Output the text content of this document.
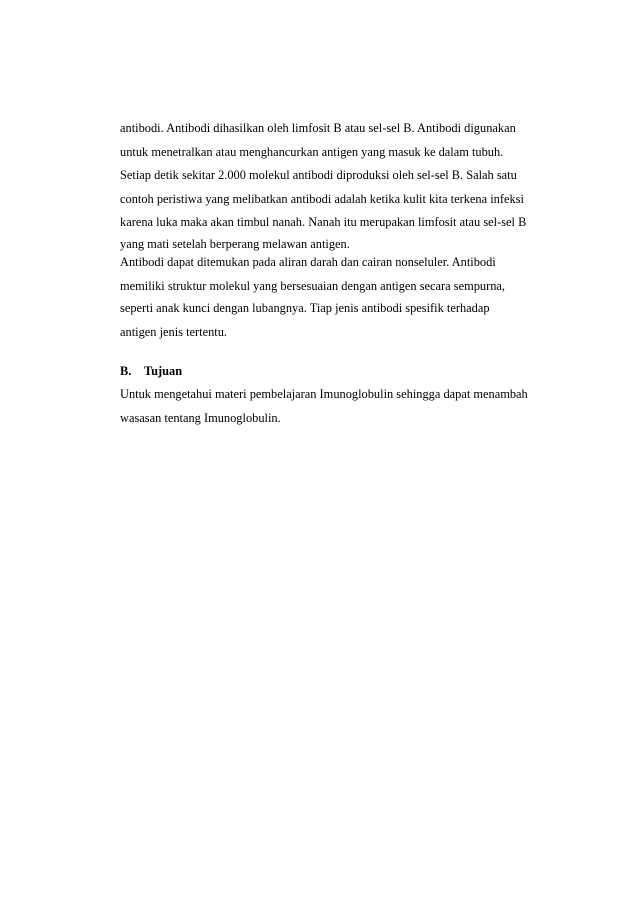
antibodi. Antibodi dihasilkan oleh limfosit B atau sel-sel B. Antibodi digunakan
untuk menetralkan atau menghancurkan antigen yang masuk ke dalam tubuh.
Setiap detik sekitar 2.000 molekul antibodi diproduksi oleh sel-sel B. Salah satu
contoh peristiwa yang melibatkan antibodi adalah ketika kulit kita terkena infeksi
karena luka maka akan timbul nanah. Nanah itu merupakan limfosit atau sel-sel B
yang mati setelah berperang melawan antigen.
Antibodi dapat ditemukan pada aliran darah dan cairan nonseluler. Antibodi
memiliki struktur molekul yang bersesuaian dengan antigen secara sempurna,
seperti anak kunci dengan lubangnya. Tiap jenis antibodi spesifik terhadap
antigen jenis tertentu.
B. Tujuan
Untuk mengetahui materi pembelajaran Imunoglobulin sehingga dapat menambah
wasasan tentang Imunoglobulin.
